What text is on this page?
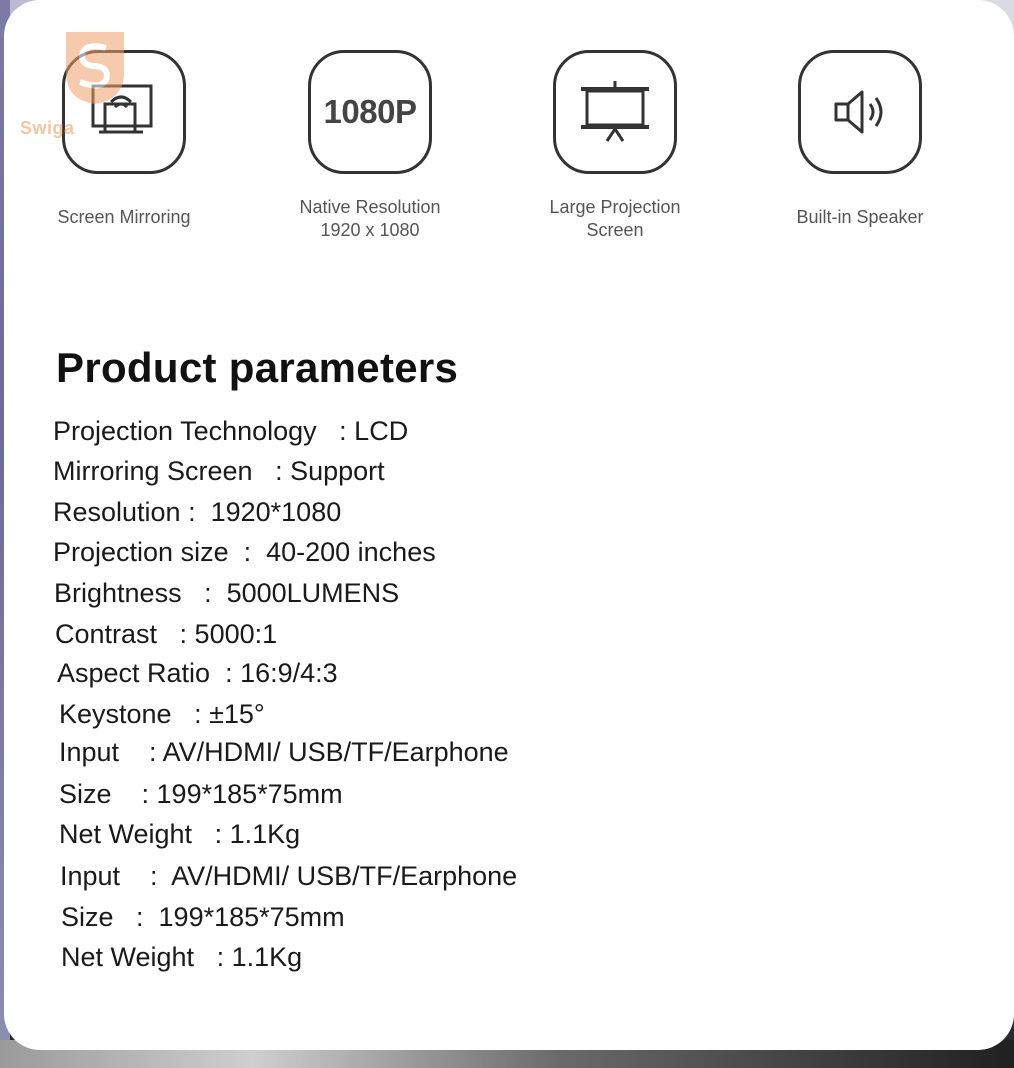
Screen Mirroring
1080P
Native Resolution
1920 x 1080
Large Projection
Screen
Built-in Speaker
Swiga
Product parameters
Projection Technology   : LCD
Mirroring Screen   : Support
Resolution :  1920*1080
Projection size  :  40-200 inches
Brightness   :  5000LUMENS
Contrast   : 5000:1
Aspect Ratio  : 16:9/4:3
Keystone   : ±15°
Input    : AV/HDMI/ USB/TF/Earphone
Size    : 199*185*75mm
Net Weight   : 1.1Kg
Input    :  AV/HDMI/ USB/TF/Earphone
Size   :  199*185*75mm
Net Weight   : 1.1Kg
